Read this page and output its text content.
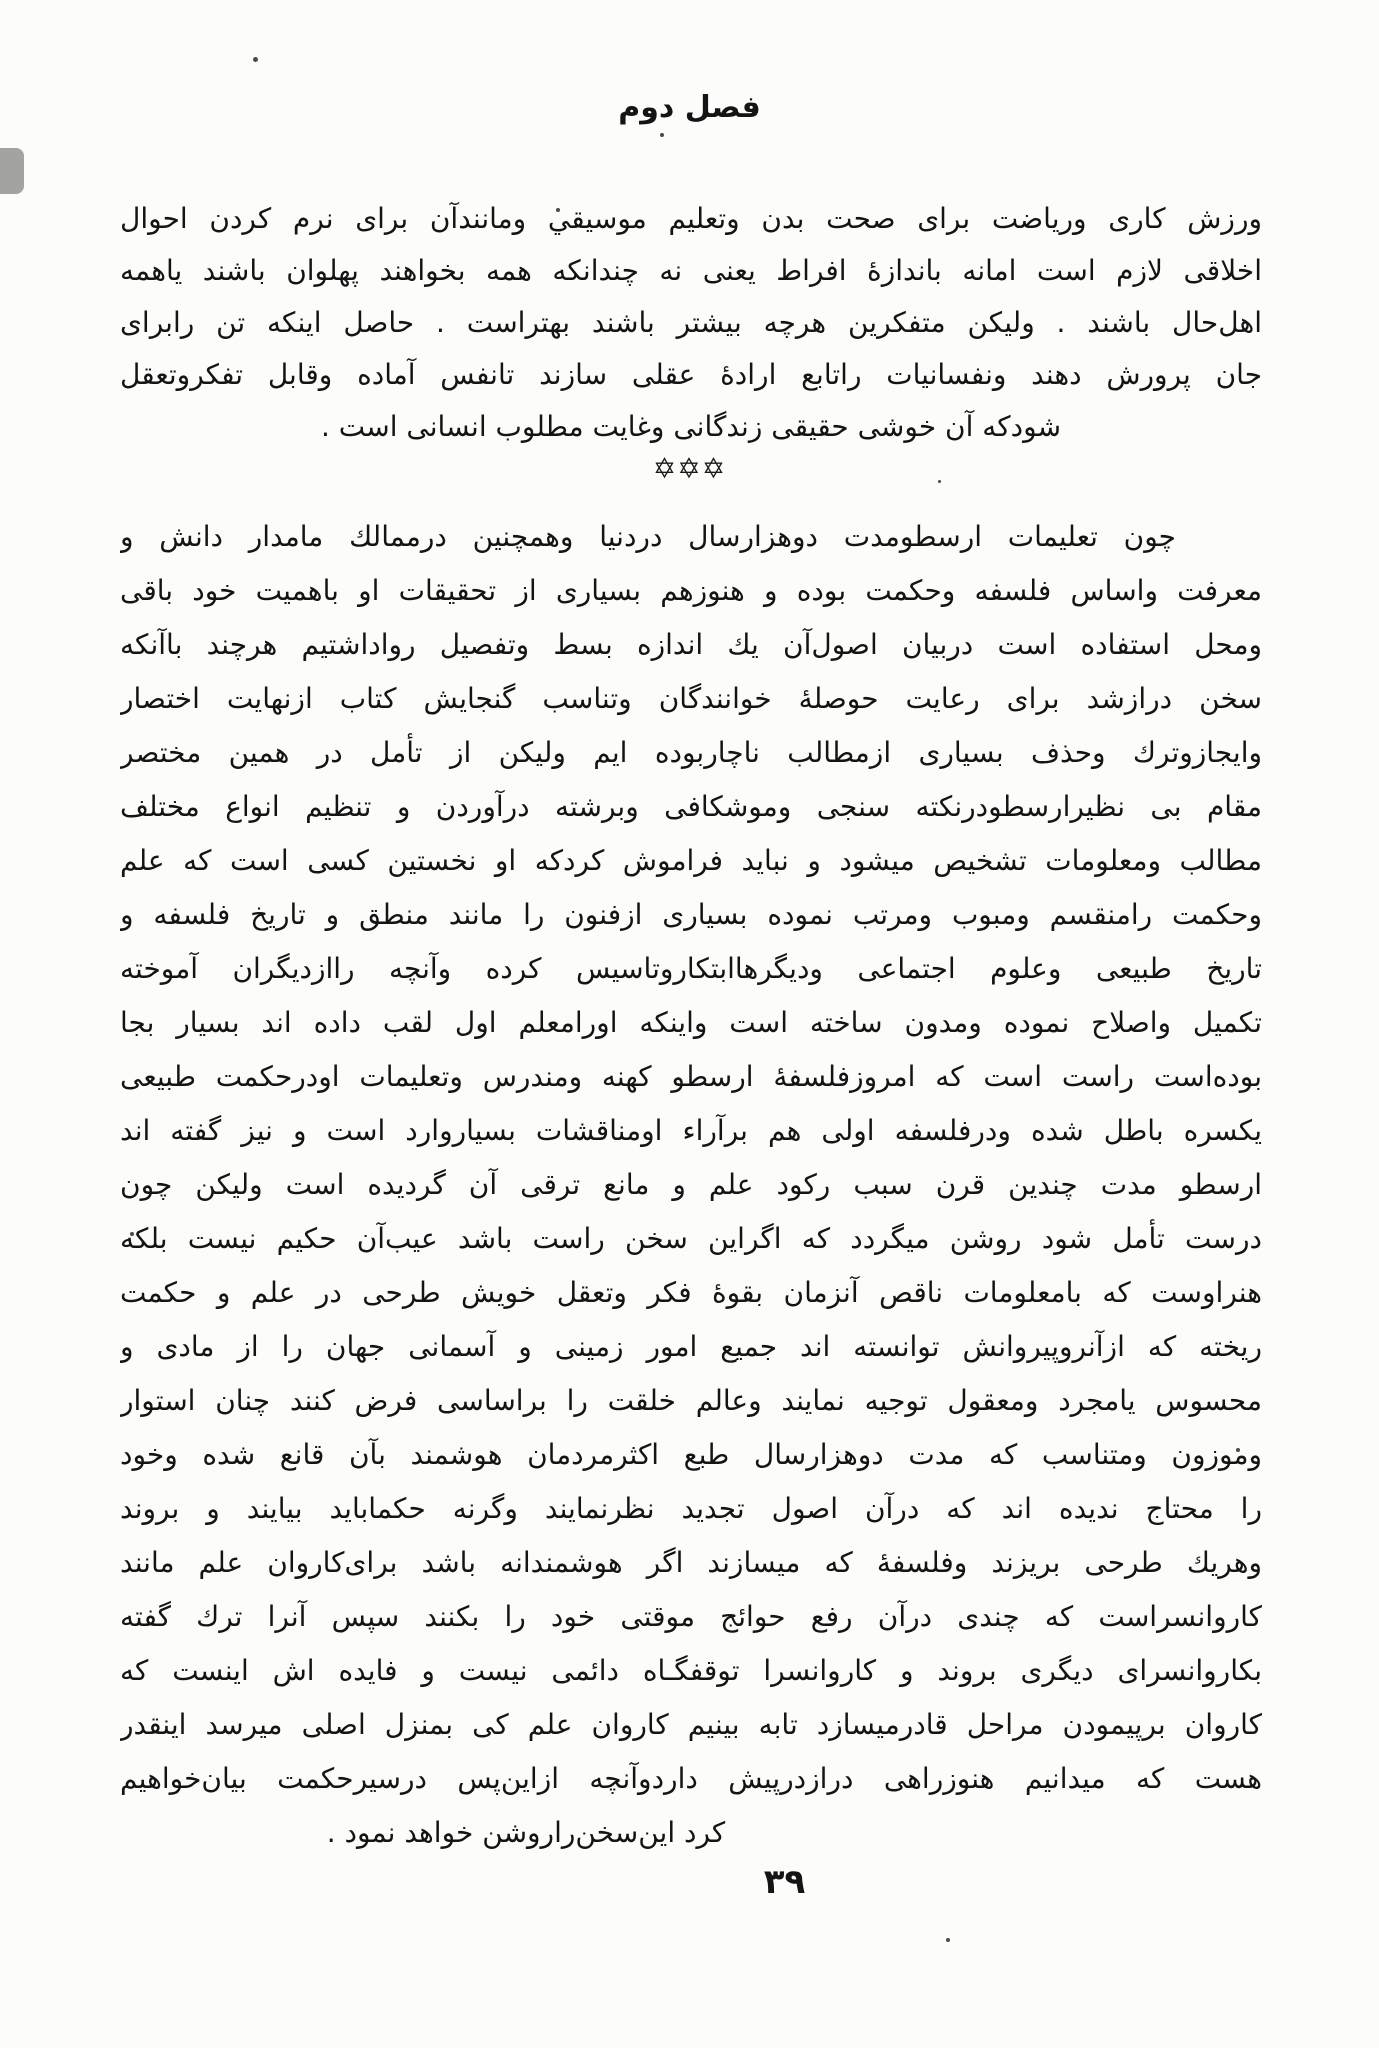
فصل دوم
ورزش كارى ورياضت براى صحت بدن وتعليم موسيقي ومانندآن براى نرم كردن احوال
اخلاقى لازم است امانه باندازهٔ افراط يعنى نه چندانكه همه بخواهند پهلوان باشند ياهمه
اهل‌حال باشند . وليكن متفكرين هرچه بيشتر باشند بهتراست . حاصل اينكه تن رابراى
جان پرورش دهند ونفسانيات راتابع ارادهٔ عقلى سازند تانفس آماده وقابل تفكروتعقل
شودكه آن خوشى حقيقى زندگانى وغايت مطلوب انسانى است .
✡✡✡
چون تعليمات ارسطومدت دوهزارسال دردنيا وهمچنين درممالك مامدار دانش و
معرفت واساس فلسفه وحكمت بوده و هنوزهم بسيارى از تحقيقات او باهميت خود باقى
ومحل استفاده است دربيان اصول‌آن يك اندازه بسط وتفصيل رواداشتيم هرچند باآنكه
سخن درازشد براى رعايت حوصلهٔ خوانندگان وتناسب گنجايش كتاب ازنهايت اختصار
وايجازوترك وحذف بسيارى ازمطالب ناچاربوده ايم وليكن از تأمل در همين مختصر
مقام بى نظيرارسطودرنكته سنجى وموشكافى وبرشته درآوردن و تنظيم انواع مختلف
مطالب ومعلومات تشخيص ميشود و نبايد فراموش كردكه او نخستين كسى است كه علم
وحكمت رامنقسم ومبوب ومرتب نموده بسيارى ازفنون را مانند منطق و تاريخ فلسفه و
تاريخ طبيعى وعلوم اجتماعى وديگرهاابتكاروتاسيس كرده وآنچه راازديگران آموخته
تكميل واصلاح نموده ومدون ساخته است واينكه اورامعلم اول لقب داده اند بسيار بجا
بوده‌است راست است كه امروزفلسفهٔ ارسطو كهنه ومندرس وتعليمات اودرحكمت طبيعى
يكسره باطل شده ودرفلسفه اولى هم برآراء اومناقشات بسياروارد است و نيز گفته اند
ارسطو مدت چندين قرن سبب ركود علم و مانع ترقى آن گرديده است وليكن چون
درست تأمل شود روشن ميگردد كه اگراين سخن راست باشد عيب‌آن حكيم نيست بلكه
هنراوست كه بامعلومات ناقص آنزمان بقوهٔ فكر وتعقل خويش طرحى در علم و حكمت
ريخته كه ازآنروپيروانش توانسته اند جميع امور زمينى و آسمانى جهان را از مادى و
محسوس يامجرد ومعقول توجيه نمايند وعالم خلقت را براساسى فرض كنند چنان استوار
وموزون ومتناسب كه مدت دوهزارسال طبع اكثرمردمان هوشمند بآن قانع شده وخود
را محتاج نديده اند كه درآن اصول تجديد نظرنمايند وگرنه حكمابايد بيايند و بروند
وهريك طرحى بريزند وفلسفهٔ كه ميسازند اگر هوشمندانه باشد براى‌كاروان علم مانند
كاروانسراست كه چندى درآن رفع حوائج موقتى خود را بكنند سپس آنرا ترك گفته
بكاروانسراى ديگرى بروند و كاروانسرا توقفگـاه دائمى نيست و فايده اش اينست كه
كاروان برپيمودن مراحل قادرميسازد تابه بينيم كاروان علم كى بمنزل اصلى ميرسد اينقدر
هست كه ميدانيم هنوزراهى درازدرپيش داردوآنچه ازاين‌پس درسيرحكمت بيان‌خواهيم
كرد اين‌سخن‌راروشن خواهد نمود .
۳۹
